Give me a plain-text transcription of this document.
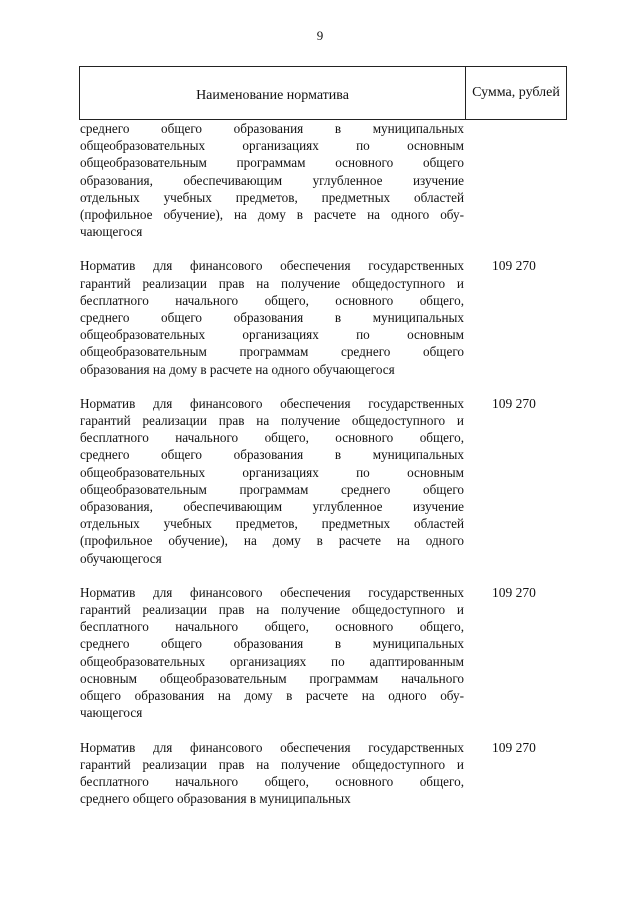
9
Наименование норматива	Сумма, рублей
среднего общего образования в муниципальных
общеобразовательных организациях по основным
общеобразовательным программам основного общего
образования, обеспечивающим углубленное изучение
отдельных учебных предметов, предметных областей
(профильное обучение), на дому в расчете на одного обу-
чающегося
Норматив для финансового обеспечения государственных
гарантий реализации прав на получение общедоступного и
бесплатного начального общего, основного общего,
среднего общего образования в муниципальных
общеобразовательных организациях по основным
общеобразовательным программам среднего общего
образования на дому в расчете на одного обучающегося
109 270
Норматив для финансового обеспечения государственных
гарантий реализации прав на получение общедоступного и
бесплатного начального общего, основного общего,
среднего общего образования в муниципальных
общеобразовательных организациях по основным
общеобразовательным программам среднего общего
образования, обеспечивающим углубленное изучение
отдельных учебных предметов, предметных областей
(профильное обучение), на дому в расчете на одного
обучающегося
109 270
Норматив для финансового обеспечения государственных
гарантий реализации прав на получение общедоступного и
бесплатного начального общего, основного общего,
среднего общего образования в муниципальных
общеобразовательных организациях по адаптированным
основным общеобразовательным программам начального
общего образования на дому в расчете на одного обу-
чающегося
109 270
Норматив для финансового обеспечения государственных
гарантий реализации прав на получение общедоступного и
бесплатного начального общего, основного общего,
среднего общего образования в муниципальных
109 270
